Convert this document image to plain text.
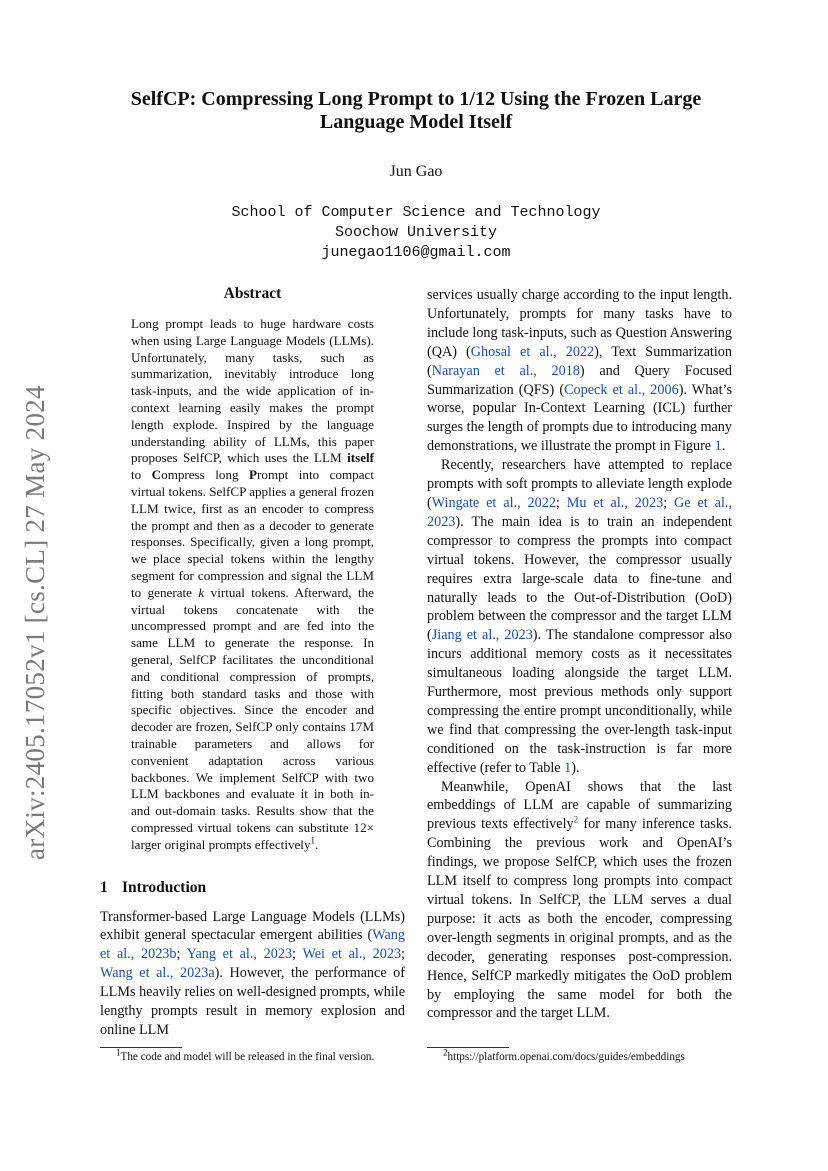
arXiv:2405.17052v1 [cs.CL] 27 May 2024
SelfCP: Compressing Long Prompt to 1/12 Using the Frozen Large
Language Model Itself
Jun Gao
School of Computer Science and Technology
Soochow University
junegao1106@gmail.com
Abstract

Long prompt leads to huge hardware costs when using Large Language Models (LLMs). Unfortunately, many tasks, such as summarization, inevitably introduce long task-inputs, and the wide application of in-context learning easily makes the prompt length explode. Inspired by the language understanding ability of LLMs, this paper proposes SelfCP, which uses the LLM itself to Compress long Prompt into compact virtual tokens. SelfCP applies a general frozen LLM twice, first as an encoder to compress the prompt and then as a decoder to generate responses. Specifically, given a long prompt, we place special tokens within the lengthy segment for compression and signal the LLM to generate k virtual tokens. Afterward, the virtual tokens concatenate with the uncompressed prompt and are fed into the same LLM to generate the response. In general, SelfCP facilitates the unconditional and conditional compression of prompts, fitting both standard tasks and those with specific objectives. Since the encoder and decoder are frozen, SelfCP only contains 17M trainable parameters and allows for convenient adaptation across various backbones. We implement SelfCP with two LLM backbones and evaluate it in both in- and out-domain tasks. Results show that the compressed virtual tokens can substitute 12× larger original prompts effectively$^1$.

1 Introduction

Transformer-based Large Language Models (LLMs) exhibit general spectacular emergent abilities (Wang et al., 2023b; Yang et al., 2023; Wei et al., 2023; Wang et al., 2023a). However, the performance of LLMs heavily relies on well-designed prompts, while lengthy prompts result in memory explosion and online LLM

services usually charge according to the input length. Unfortunately, prompts for many tasks have to include long task-inputs, such as Question Answering (QA) (Ghosal et al., 2022), Text Summarization (Narayan et al., 2018) and Query Focused Summarization (QFS) (Copeck et al., 2006). What’s worse, popular In-Context Learning (ICL) further surges the length of prompts due to introducing many demonstrations, we illustrate the prompt in Figure 1.

Recently, researchers have attempted to replace prompts with soft prompts to alleviate length explode (Wingate et al., 2022; Mu et al., 2023; Ge et al., 2023). The main idea is to train an independent compressor to compress the prompts into compact virtual tokens. However, the compressor usually requires extra large-scale data to fine-tune and naturally leads to the Out-of-Distribution (OoD) problem between the compressor and the target LLM (Jiang et al., 2023). The standalone compressor also incurs additional memory costs as it necessitates simultaneous loading alongside the target LLM. Furthermore, most previous methods only support compressing the entire prompt unconditionally, while we find that compressing the over-length task-input conditioned on the task-instruction is far more effective (refer to Table 1).

Meanwhile, OpenAI shows that the last embeddings of LLM are capable of summarizing previous texts effectively$^2$ for many inference tasks. Combining the previous work and OpenAI’s findings, we propose SelfCP, which uses the frozen LLM itself to compress long prompts into compact virtual tokens. In SelfCP, the LLM serves a dual purpose: it acts as both the encoder, compressing over-length segments in original prompts, and as the decoder, generating responses post-compression. Hence, SelfCP markedly mitigates the OoD problem by employing the same model for both the compressor and the target LLM.

$^1$The code and model will be released in the final version.	$^2$https://platform.openai.com/docs/guides/embeddings
